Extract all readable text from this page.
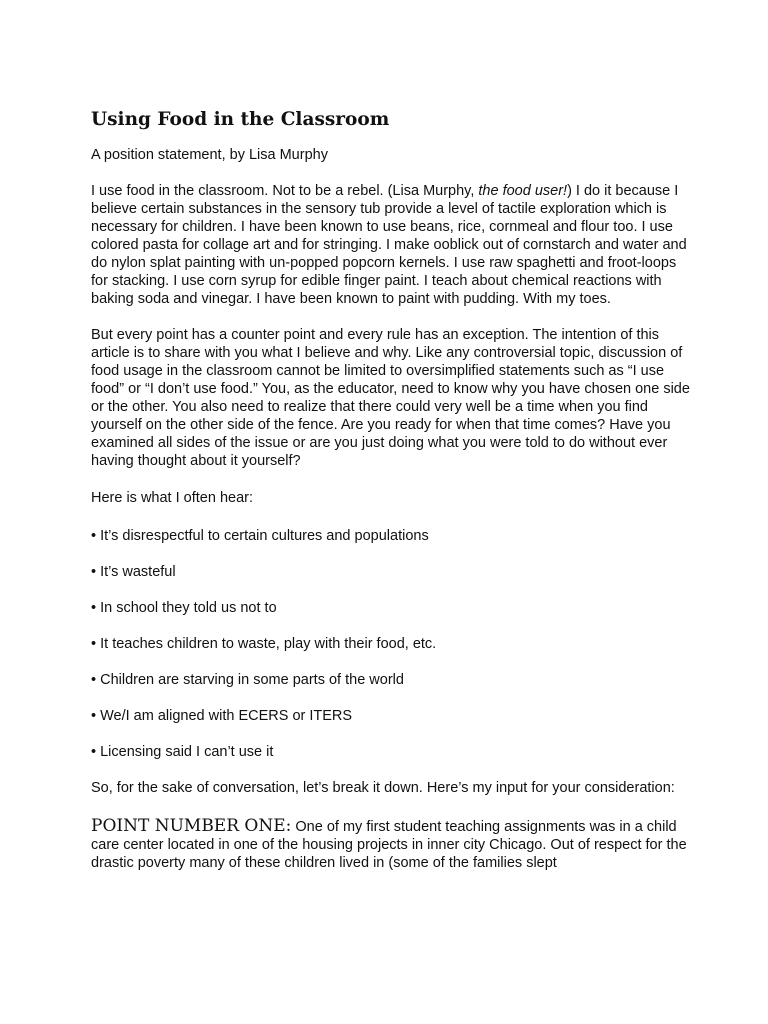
Using Food in the Classroom

A position statement, by Lisa Murphy

I use food in the classroom. Not to be a rebel. (Lisa Murphy, the food user!) I do it because I believe certain substances in the sensory tub provide a level of tactile exploration which is necessary for children. I have been known to use beans, rice, cornmeal and flour too. I use colored pasta for collage art and for stringing. I make ooblick out of cornstarch and water and do nylon splat painting with un-popped popcorn kernels. I use raw spaghetti and froot-loops for stacking. I use corn syrup for edible finger paint. I teach about chemical reactions with baking soda and vinegar. I have been known to paint with pudding. With my toes.

But every point has a counter point and every rule has an exception. The intention of this article is to share with you what I believe and why. Like any controversial topic, discussion of food usage in the classroom cannot be limited to oversimplified statements such as “I use food” or “I don’t use food.” You, as the educator, need to know why you have chosen one side or the other. You also need to realize that there could very well be a time when you find yourself on the other side of the fence. Are you ready for when that time comes? Have you examined all sides of the issue or are you just doing what you were told to do without ever having thought about it yourself?

Here is what I often hear:

• It’s disrespectful to certain cultures and populations
• It’s wasteful
• In school they told us not to
• It teaches children to waste, play with their food, etc.
• Children are starving in some parts of the world
• We/I am aligned with ECERS or ITERS
• Licensing said I can’t use it

So, for the sake of conversation, let’s break it down. Here’s my input for your consideration:

POINT NUMBER ONE: One of my first student teaching assignments was in a child care center located in one of the housing projects in inner city Chicago. Out of respect for the drastic poverty many of these children lived in (some of the families slept
